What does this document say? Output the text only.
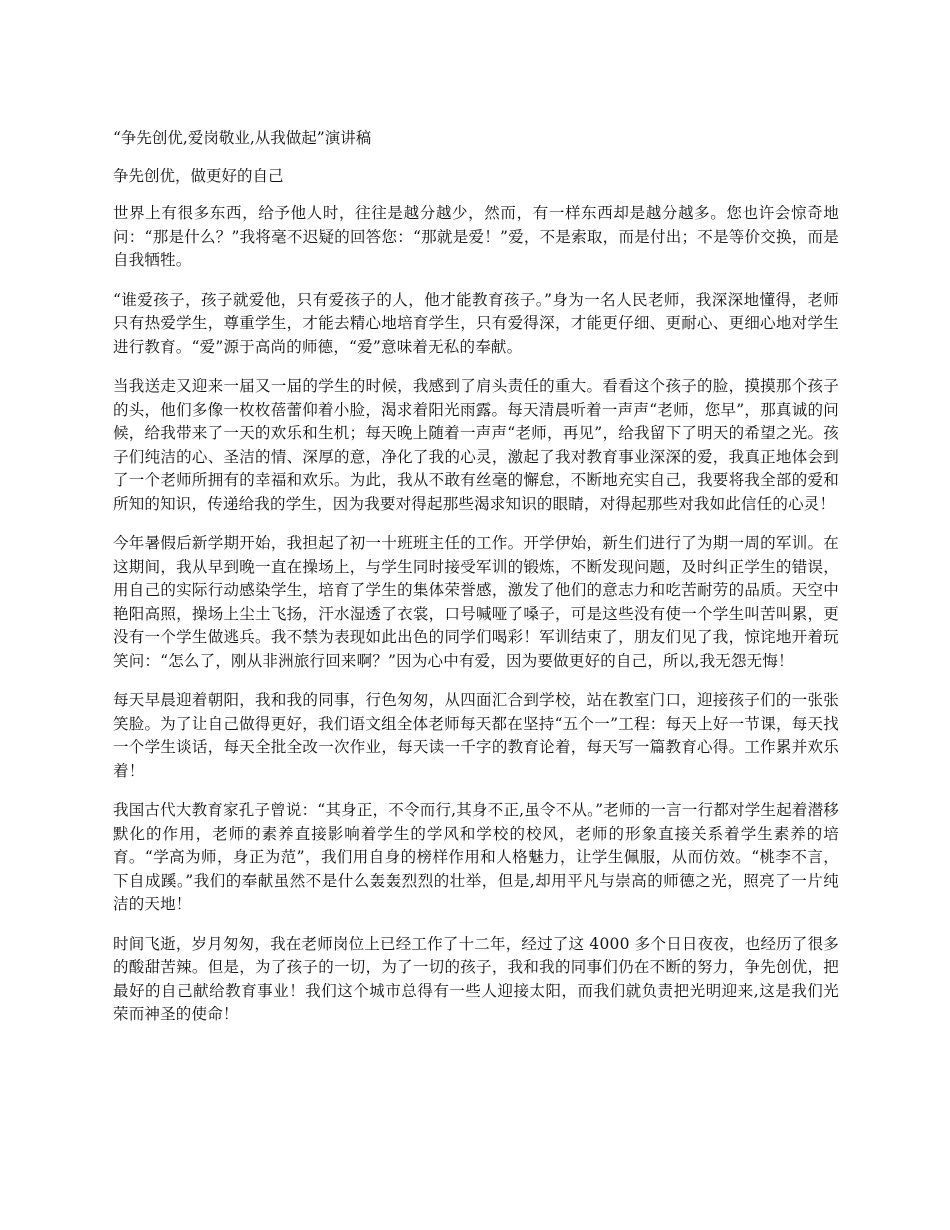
“争先创优,爱岗敬业,从我做起”演讲稿

争先创优，做更好的自己

世界上有很多东西，给予他人时，往往是越分越少，然而，有一样东西却是越分越多。您也许会惊奇地问：“那是什么？”我将毫不迟疑的回答您：“那就是爱！”爱，不是索取，而是付出；不是等价交换，而是自我牺牲。

“谁爱孩子，孩子就爱他，只有爱孩子的人，他才能教育孩子。”身为一名人民老师，我深深地懂得，老师只有热爱学生，尊重学生，才能去精心地培育学生，只有爱得深，才能更仔细、更耐心、更细心地对学生进行教育。“爱”源于高尚的师德，“爱”意味着无私的奉献。

当我送走又迎来一届又一届的学生的时候，我感到了肩头责任的重大。看看这个孩子的脸，摸摸那个孩子的头，他们多像一枚枚蓓蕾仰着小脸，渴求着阳光雨露。每天清晨听着一声声“老师，您早”，那真诚的问候，给我带来了一天的欢乐和生机；每天晚上随着一声声“老师，再见”，给我留下了明天的希望之光。孩子们纯洁的心、圣洁的情、深厚的意，净化了我的心灵，激起了我对教育事业深深的爱，我真正地体会到了一个老师所拥有的幸福和欢乐。为此，我从不敢有丝毫的懈怠，不断地充实自己，我要将我全部的爱和所知的知识，传递给我的学生，因为我要对得起那些渴求知识的眼睛，对得起那些对我如此信任的心灵！

今年暑假后新学期开始，我担起了初一十班班主任的工作。开学伊始，新生们进行了为期一周的军训。在这期间，我从早到晚一直在操场上，与学生同时接受军训的锻炼，不断发现问题，及时纠正学生的错误，用自己的实际行动感染学生，培育了学生的集体荣誉感，激发了他们的意志力和吃苦耐劳的品质。天空中艳阳高照，操场上尘土飞扬，汗水湿透了衣裳，口号喊哑了嗓子，可是这些没有使一个学生叫苦叫累，更没有一个学生做逃兵。我不禁为表现如此出色的同学们喝彩！军训结束了，朋友们见了我，惊诧地开着玩笑问：“怎么了，刚从非洲旅行回来啊？”因为心中有爱，因为要做更好的自己，所以,我无怨无悔！

每天早晨迎着朝阳，我和我的同事，行色匆匆，从四面汇合到学校，站在教室门口，迎接孩子们的一张张笑脸。为了让自己做得更好，我们语文组全体老师每天都在坚持“五个一”工程：每天上好一节课，每天找一个学生谈话，每天全批全改一次作业，每天读一千字的教育论着，每天写一篇教育心得。工作累并欢乐着！

我国古代大教育家孔子曾说：“其身正，不令而行,其身不正,虽令不从。”老师的一言一行都对学生起着潜移默化的作用，老师的素养直接影响着学生的学风和学校的校风，老师的形象直接关系着学生素养的培育。“学高为师，身正为范”，我们用自身的榜样作用和人格魅力，让学生佩服，从而仿效。“桃李不言，下自成蹊。”我们的奉献虽然不是什么轰轰烈烈的壮举，但是,却用平凡与崇高的师德之光，照亮了一片纯洁的天地！

时间飞逝，岁月匆匆，我在老师岗位上已经工作了十二年，经过了这 4000 多个日日夜夜，也经历了很多的酸甜苦辣。但是，为了孩子的一切，为了一切的孩子，我和我的同事们仍在不断的努力，争先创优，把最好的自己献给教育事业！我们这个城市总得有一些人迎接太阳，而我们就负责把光明迎来,这是我们光荣而神圣的使命！
